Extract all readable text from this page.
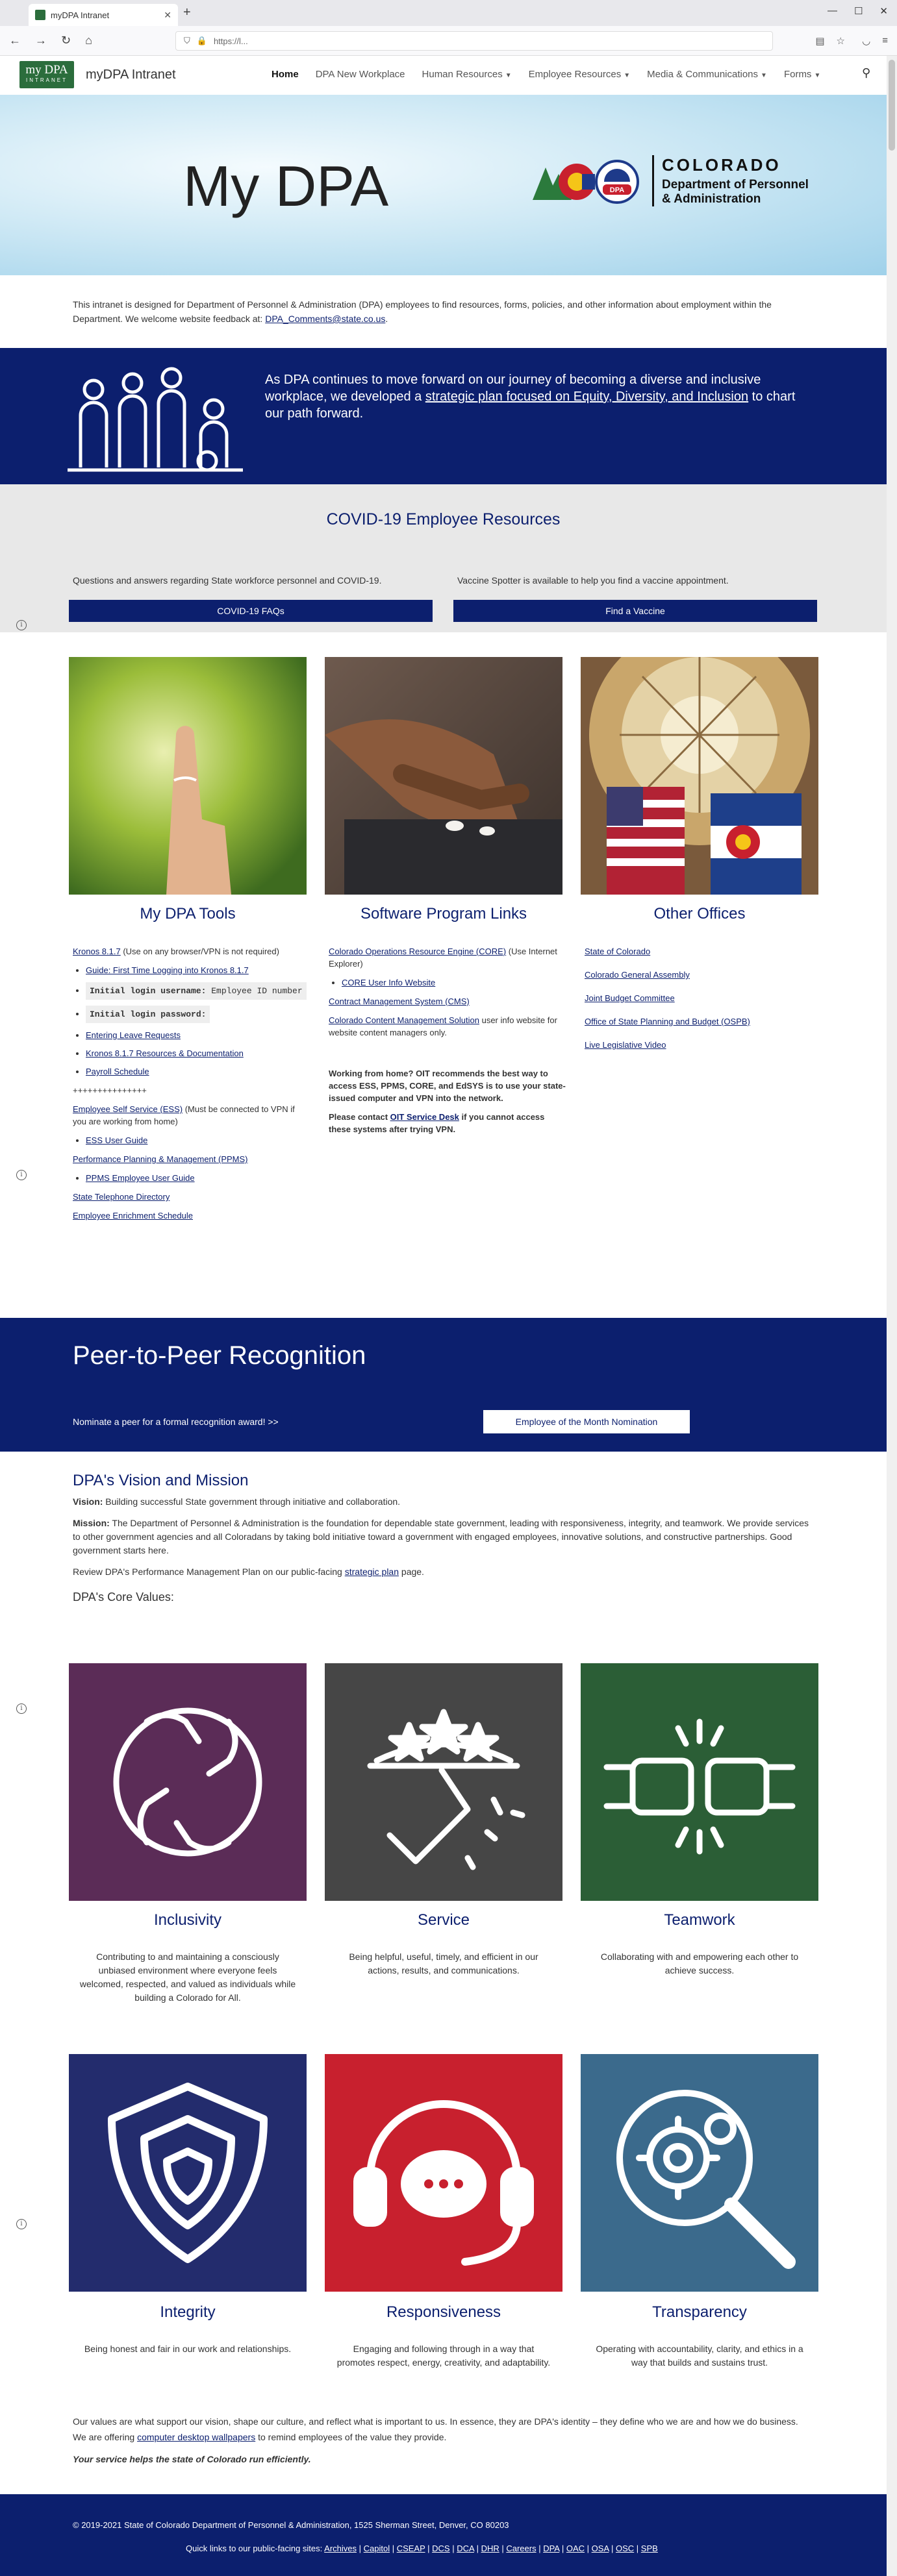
myDPA Intranet	✕ +	— ☐ ✕
← → ↻ ⌂	⛉ 🔒 https://l...	▤ ☆ ◡ ≡
my DPA
INTRANET	myDPA Intranet	Home DPA New Workplace Human Resources ▼ Employee Resources ▼ Media & Communications ▼ Forms ▼	⚲
My DPA	DPA
COLORADO
Department of Personnel
& Administration
This intranet is designed for Department of Personnel & Administration (DPA) employees to find resources, forms, policies, and other information about employment within the Department. We welcome website feedback at: DPA_Comments@state.co.us.

As DPA continues to move forward on our journey of becoming a diverse and inclusive workplace, we developed a strategic plan focused on Equity, Diversity, and Inclusion to chart our path forward.

COVID-19 Employee Resources
Questions and answers regarding State workforce personnel and COVID-19.
COVID-19 FAQs
Vaccine Spotter is available to help you find a vaccine appointment.
Find a Vaccine
i
My DPA Tools	Software Program Links	Other Offices

Kronos 8.1.7 (Use on any browser/VPN is not required)

• Guide: First Time Logging into Kronos 8.1.7
• Initial login username: Employee ID number
• Initial login password:
• Entering Leave Requests
• Kronos 8.1.7 Resources & Documentation
• Payroll Schedule

+++++++++++++++

Employee Self Service (ESS) (Must be connected to VPN if you are working from home)

• ESS User Guide

Performance Planning & Management (PPMS)

• PPMS Employee User Guide

State Telephone Directory

Employee Enrichment Schedule

Colorado Operations Resource Engine (CORE) (Use Internet Explorer)

• CORE User Info Website

Contract Management System (CMS)

Colorado Content Management Solution user info website for website content managers only.

Working from home? OIT recommends the best way to access ESS, PPMS, CORE, and EdSYS is to use your state-issued computer and VPN into the network.

Please contact OIT Service Desk if you cannot access these systems after trying VPN.

State of Colorado

Colorado General Assembly

Joint Budget Committee

Office of State Planning and Budget (OSPB)

Live Legislative Video

i
Peer-to-Peer Recognition
Nominate a peer for a formal recognition award! >>	Employee of the Month Nomination
DPA's Vision and Mission

Vision: Building successful State government through initiative and collaboration.

Mission: The Department of Personnel & Administration is the foundation for dependable state government, leading with responsiveness, integrity, and teamwork. We provide services to other government agencies and all Coloradans by taking bold initiative toward a government with engaged employees, innovative solutions, and constructive partnerships. Good government starts here.

Review DPA's Performance Management Plan on our public-facing strategic plan page.

DPA's Core Values:

Inclusivity	Service	Teamwork
Contributing to and maintaining a consciously unbiased environment where everyone feels welcomed, respected, and valued as individuals while building a Colorado for All.
Being helpful, useful, timely, and efficient in our actions, results, and communications.
Collaborating with and empowering each other to achieve success.
i
Integrity	Responsiveness	Transparency
Being honest and fair in our work and relationships.	Engaging and following through in a way that promotes respect, energy, creativity, and adaptability.
Operating with accountability, clarity, and ethics in a way that builds and sustains trust.
i

Our values are what support our vision, shape our culture, and reflect what is important to us. In essence, they are DPA's identity – they define who we are and how we do business.

We are offering computer desktop wallpapers to remind employees of the value they provide.

Your service helps the state of Colorado run efficiently.

© 2019-2021 State of Colorado Department of Personnel & Administration, 1525 Sherman Street, Denver, CO 80203
Quick links to our public-facing sites: Archives | Capitol | CSEAP | DCS | DCA | DHR | Careers | DPA | OAC | OSA | OSC | SPB
